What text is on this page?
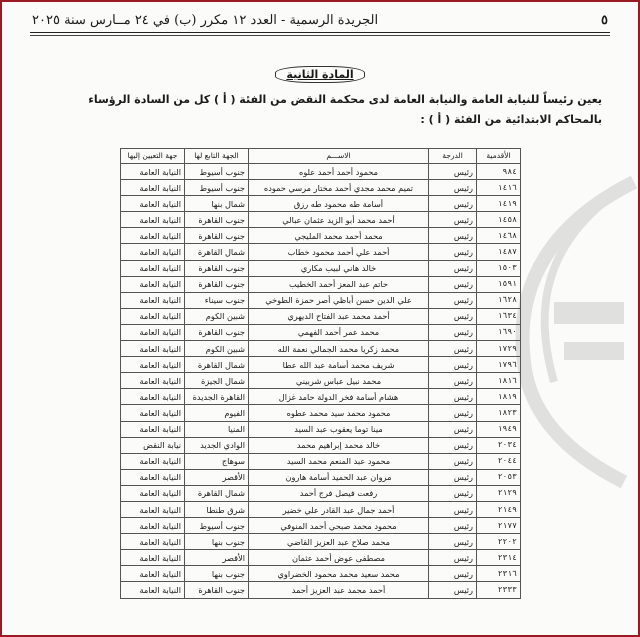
الجريدة الرسمية - العدد ١٢ مكرر (ب) في ٢٤ مــارس سنة ٢٠٢٥	٥
المادة الثانية
يعين رئيساً للنيابة العامة والنيابة العامة لدى محكمة النقض من الفئة ( أ ) كل من السادة الرؤساء بالمحاكم الابتدائية من الفئة ( أ ) :
الأقدمية	الدرجة	الاســـم	الجهة التابع لها	جهة التعيين إليها
٩٨٤	رئيس	محمود أحمد أحمد علوه	جنوب أسيوط	النيابة العامة
١٤١٦	رئيس	تميم محمد مجدي أحمد مختار مرسي حموده	جنوب أسيوط	النيابة العامة
١٤١٩	رئيس	أسامة طه محمود طه رزق	شمال بنها	النيابة العامة
١٤٥٨	رئيس	أحمد محمد أبو الزيد عثمان عبالي	جنوب القاهرة	النيابة العامة
١٤٦٨	رئيس	محمد أحمد محمد المليجي	جنوب القاهرة	النيابة العامة
١٤٨٧	رئيس	أحمد علي أحمد محمود خطاب	شمال القاهرة	النيابة العامة
١٥٠٣	رئيس	خالد هاني لبيب مكاري	جنوب القاهرة	النيابة العامة
١٥٩١	رئيس	حاتم عبد المعز أحمد الخطيب	جنوب القاهرة	النيابة العامة
١٦٢٨	رئيس	علي الدين حسن أباظي أصر حمزة الطوخي	جنوب سيناء	النيابة العامة
١٦٣٤	رئيس	أحمد محمد عبد الفتاح الديهري	شبين الكوم	النيابة العامة
١٦٩٠	رئيس	محمد عمر أحمد الفهمي	جنوب القاهرة	النيابة العامة
١٧٢٩	رئيس	محمد زكريا محمد الجمالي نعمة الله	شبين الكوم	النيابة العامة
١٧٩٦	رئيس	شريف محمد أسامة عبد الله عطا	شمال القاهرة	النيابة العامة
١٨١٦	رئيس	محمد نبيل عباس شربيني	شمال الجيزة	النيابة العامة
١٨١٩	رئيس	هشام أسامة فخر الدولة حامد غزال	القاهرة الجديدة	النيابة العامة
١٨٢٣	رئيس	محمود محمد سيد محمد عطوه	الفيوم	النيابة العامة
١٩٤٩	رئيس	مينا توما يعقوب عبد السيد	المنيا	النيابة العامة
٢٠٣٤	رئيس	خالد محمد إبراهيم محمد	الوادي الجديد	نيابة النقض
٢٠٤٤	رئيس	محمود عبد المنعم محمد السيد	سوهاج	النيابة العامة
٢٠٥٣	رئيس	مروان عبد الحميد أسامة هارون	الأقصر	النيابة العامة
٢١٢٩	رئيس	رفعت فيصل فرج أحمد	شمال القاهرة	النيابة العامة
٢١٤٩	رئيس	أحمد جمال عبد القادر علي خضير	شرق طنطا	النيابة العامة
٢١٧٧	رئيس	محمود محمد صبحي أحمد المنوفي	جنوب أسيوط	النيابة العامة
٢٢٠٢	رئيس	محمد صلاح عبد العزيز القاضي	جنوب بنها	النيابة العامة
٢٣١٤	رئيس	مصطفى عوض أحمد عثمان	الأقصر	النيابة العامة
٢٣١٦	رئيس	محمد سعيد محمد محمود الخضراوي	جنوب بنها	النيابة العامة
٢٣٣٣	رئيس	أحمد محمد عبد العزيز أحمد	جنوب القاهرة	النيابة العامة
